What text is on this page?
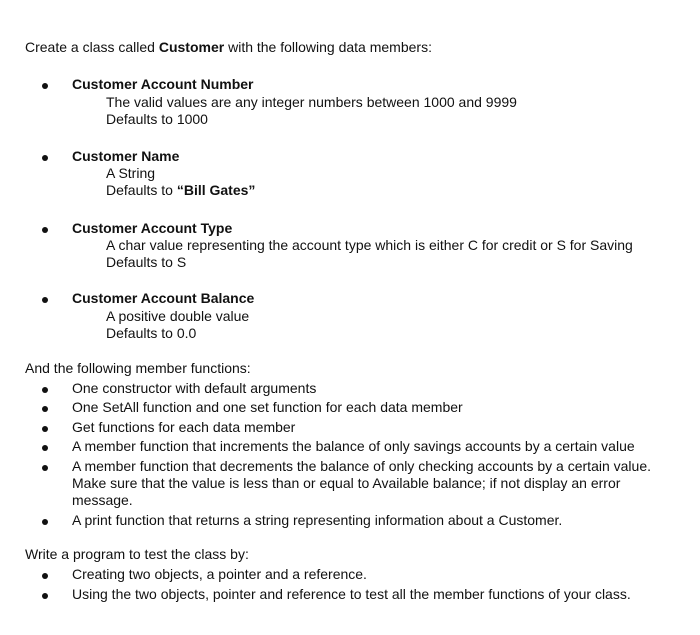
Create a class called Customer with the following data members:
Customer Account Number
The valid values are any integer numbers between 1000 and 9999
Defaults to 1000
Customer Name
A String
Defaults to “Bill Gates”
Customer Account Type
A char value representing the account type which is either C for credit or S for Saving
Defaults to S
Customer Account Balance
A positive double value
Defaults to 0.0
And the following member functions:
One constructor with default arguments
One SetAll function and one set function for each data member
Get functions for each data member
A member function that increments the balance of only savings accounts by a certain value
A member function that decrements the balance of only checking accounts by a certain value.
Make sure that the value is less than or equal to Available balance; if not display an error
message.
A print function that returns a string representing information about a Customer.
Write a program to test the class by:
Creating two objects, a pointer and a reference.
Using the two objects, pointer and reference to test all the member functions of your class.
